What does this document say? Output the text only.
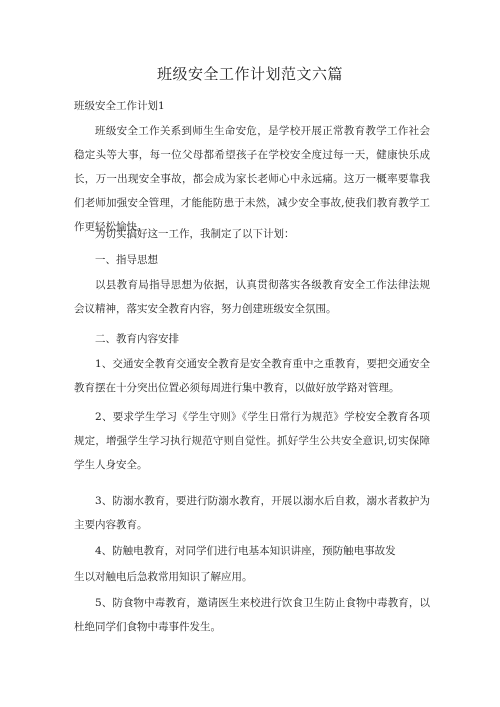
班级安全工作计划范文六篇
班级安全工作计划1

班级安全工作关系到师生生命安危，是学校开展正常教育教学工作社会稳定头等大事，每一位父母都希望孩子在学校安全度过每一天，健康快乐成长，万一出现安全事故，都会成为家长老师心中永远痛。这万一概率要靠我们老师加强安全管理，才能能防患于未然，减少安全事故,使我们教育教学工作更轻松愉快。

为切实搞好这一工作，我制定了以下计划：
一、指导思想

以县教育局指导思想为依据，认真贯彻落实各级教育安全工作法律法规会议精神，落实安全教育内容，努力创建班级安全氛围。

二、教育内容安排

1、交通安全教育交通安全教育是安全教育重中之重教育，要把交通安全教育摆在十分突出位置必须每周进行集中教育，以做好放学路对管理。

2、要求学生学习《学生守则》《学生日常行为规范》学校安全教育各项规定，增强学生学习执行规范守则自觉性。抓好学生公共安全意识,切实保障学生人身安全。

3、防溺水教育，要进行防溺水教育，开展以溺水后自救，溺水者救护为主要内容教育。

4、防触电教育，对同学们进行电基本知识讲座，预防触电事故发
生以对触电后急救常用知识了解应用。

5、防食物中毒教育，邀请医生来校进行饮食卫生防止食物中毒教育，以杜绝同学们食物中毒事件发生。
